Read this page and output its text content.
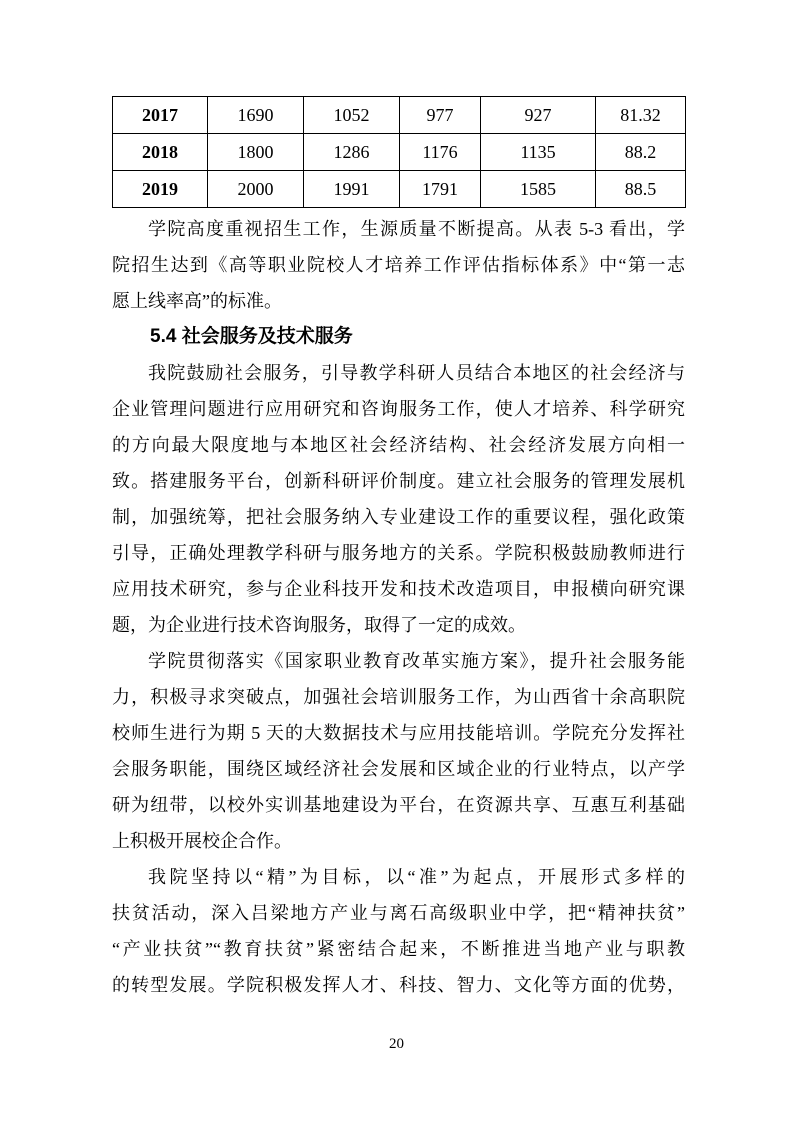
2017	1690	1052	977	927	81.32
2018	1800	1286	1176	1135	88.2
2019	2000	1991	1791	1585	88.5
学院高度重视招生工作，生源质量不断提高。从表 5-3 看出，学
院招生达到《高等职业院校人才培养工作评估指标体系》中“第一志
愿上线率高”的标准。
5.4 社会服务及技术服务
我院鼓励社会服务，引导教学科研人员结合本地区的社会经济与
企业管理问题进行应用研究和咨询服务工作，使人才培养、科学研究
的方向最大限度地与本地区社会经济结构、社会经济发展方向相一
致。搭建服务平台，创新科研评价制度。建立社会服务的管理发展机
制，加强统筹，把社会服务纳入专业建设工作的重要议程，强化政策
引导，正确处理教学科研与服务地方的关系。学院积极鼓励教师进行
应用技术研究，参与企业科技开发和技术改造项目，申报横向研究课
题，为企业进行技术咨询服务，取得了一定的成效。
学院贯彻落实《国家职业教育改革实施方案》，提升社会服务能
力，积极寻求突破点，加强社会培训服务工作，为山西省十余高职院
校师生进行为期 5 天的大数据技术与应用技能培训。学院充分发挥社
会服务职能，围绕区域经济社会发展和区域企业的行业特点，以产学
研为纽带，以校外实训基地建设为平台，在资源共享、互惠互利基础
上积极开展校企合作。
我院坚持以“精”为目标，以“准”为起点，开展形式多样的
扶贫活动，深入吕梁地方产业与离石高级职业中学，把“精神扶贫”
“产业扶贫”“教育扶贫”紧密结合起来，不断推进当地产业与职教
的转型发展。学院积极发挥人才、科技、智力、文化等方面的优势，
20
